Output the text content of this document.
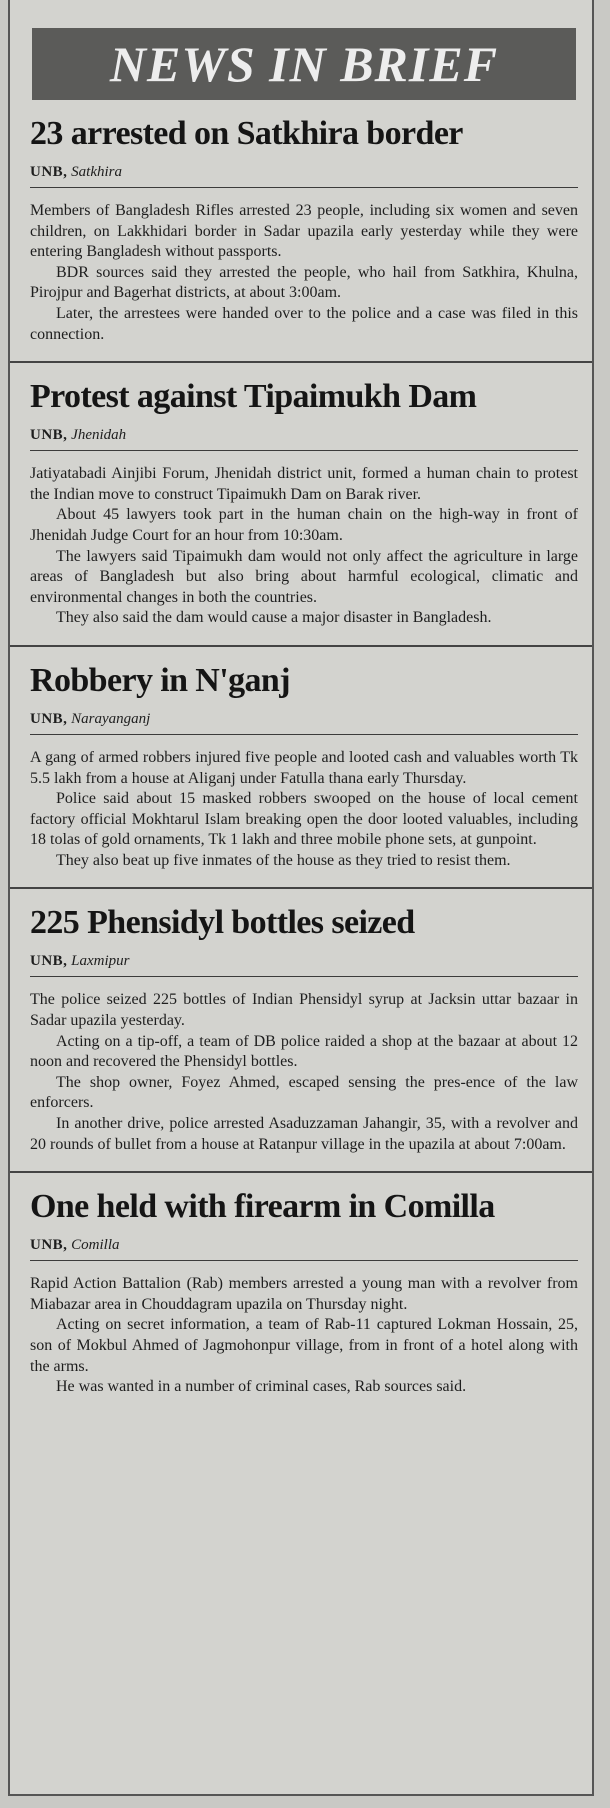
NEWS IN BRIEF
23 arrested on Satkhira border
UNB, Satkhira

Members of Bangladesh Rifles arrested 23 people, including six women and seven children, on Lakkhidari border in Sadar upazila early yesterday while they were entering Bangladesh without passports.

BDR sources said they arrested the people, who hail from Satkhira, Khulna, Pirojpur and Bagerhat districts, at about 3:00am.

Later, the arrestees were handed over to the police and a case was filed in this connection.

Protest against Tipaimukh Dam
UNB, Jhenidah

Jatiyatabadi Ainjibi Forum, Jhenidah district unit, formed a human chain to protest the Indian move to construct Tipaimukh Dam on Barak river.

About 45 lawyers took part in the human chain on the high-way in front of Jhenidah Judge Court for an hour from 10:30am.

The lawyers said Tipaimukh dam would not only affect the agriculture in large areas of Bangladesh but also bring about harmful ecological, climatic and environmental changes in both the countries.

They also said the dam would cause a major disaster in Bangladesh.

Robbery in N'ganj
UNB, Narayanganj

A gang of armed robbers injured five people and looted cash and valuables worth Tk 5.5 lakh from a house at Aliganj under Fatulla thana early Thursday.

Police said about 15 masked robbers swooped on the house of local cement factory official Mokhtarul Islam breaking open the door looted valuables, including 18 tolas of gold ornaments, Tk 1 lakh and three mobile phone sets, at gunpoint.

They also beat up five inmates of the house as they tried to resist them.

225 Phensidyl bottles seized
UNB, Laxmipur

The police seized 225 bottles of Indian Phensidyl syrup at Jacksin uttar bazaar in Sadar upazila yesterday.

Acting on a tip-off, a team of DB police raided a shop at the bazaar at about 12 noon and recovered the Phensidyl bottles.

The shop owner, Foyez Ahmed, escaped sensing the pres-ence of the law enforcers.

In another drive, police arrested Asaduzzaman Jahangir, 35, with a revolver and 20 rounds of bullet from a house at Ratanpur village in the upazila at about 7:00am.

One held with firearm in Comilla
UNB, Comilla

Rapid Action Battalion (Rab) members arrested a young man with a revolver from Miabazar area in Chouddagram upazila on Thursday night.

Acting on secret information, a team of Rab-11 captured Lokman Hossain, 25, son of Mokbul Ahmed of Jagmohonpur village, from in front of a hotel along with the arms.

He was wanted in a number of criminal cases, Rab sources said.
